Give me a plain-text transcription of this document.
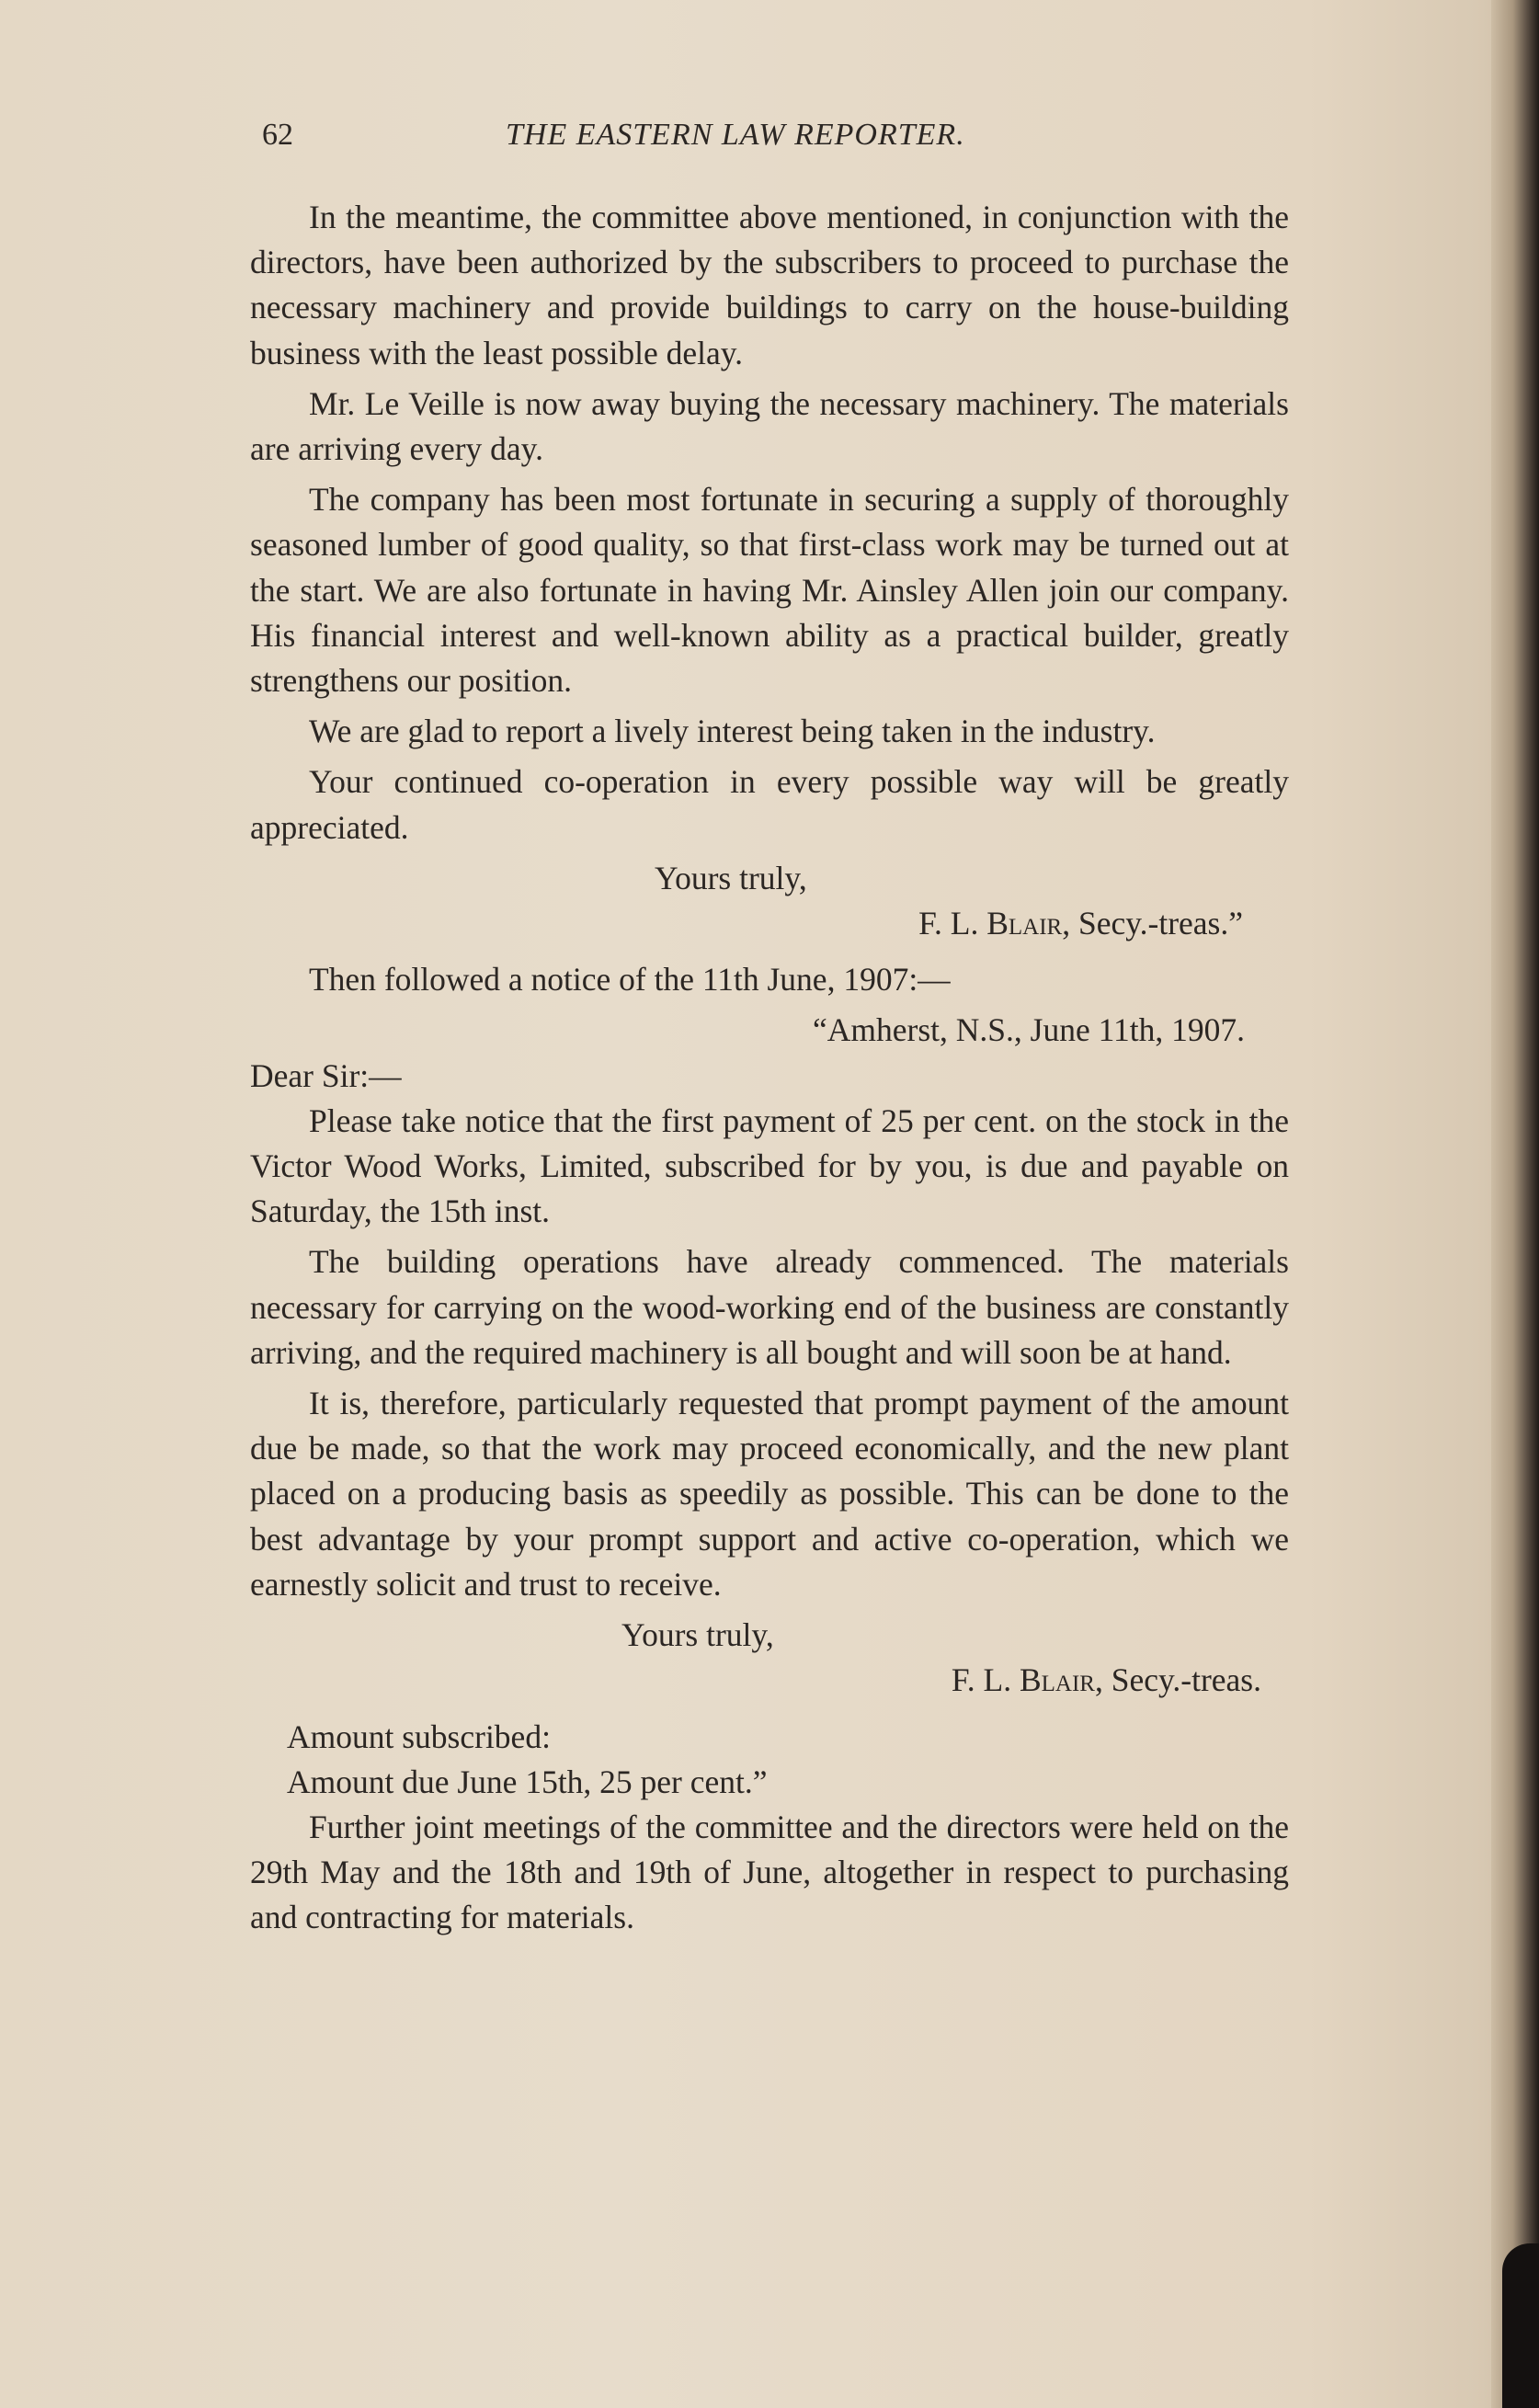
62	THE EASTERN LAW REPORTER.

In the meantime, the committee above mentioned, in conjunction with the directors, have been authorized by the subscribers to proceed to purchase the necessary machinery and provide buildings to carry on the house-building business with the least possible delay.

Mr. Le Veille is now away buying the necessary machinery. The materials are arriving every day.

The company has been most fortunate in securing a supply of thoroughly seasoned lumber of good quality, so that first-class work may be turned out at the start. We are also fortunate in having Mr. Ainsley Allen join our company. His financial interest and well-known ability as a practical builder, greatly strengthens our position.

We are glad to report a lively interest being taken in the industry.

Your continued co-operation in every possible way will be greatly appreciated.

Yours truly,

F. L. Blair, Secy.-treas.”

Then followed a notice of the 11th June, 1907:—

“Amherst, N.S., June 11th, 1907.

Dear Sir:—

Please take notice that the first payment of 25 per cent. on the stock in the Victor Wood Works, Limited, subscribed for by you, is due and payable on Saturday, the 15th inst.

The building operations have already commenced. The materials necessary for carrying on the wood-working end of the business are constantly arriving, and the required machinery is all bought and will soon be at hand.

It is, therefore, particularly requested that prompt payment of the amount due be made, so that the work may proceed economically, and the new plant placed on a producing basis as speedily as possible. This can be done to the best advantage by your prompt support and active co-operation, which we earnestly solicit and trust to receive.

Yours truly,

F. L. Blair, Secy.-treas.

Amount subscribed:

Amount due June 15th, 25 per cent.”

Further joint meetings of the committee and the directors were held on the 29th May and the 18th and 19th of June, altogether in respect to purchasing and contracting for materials.
